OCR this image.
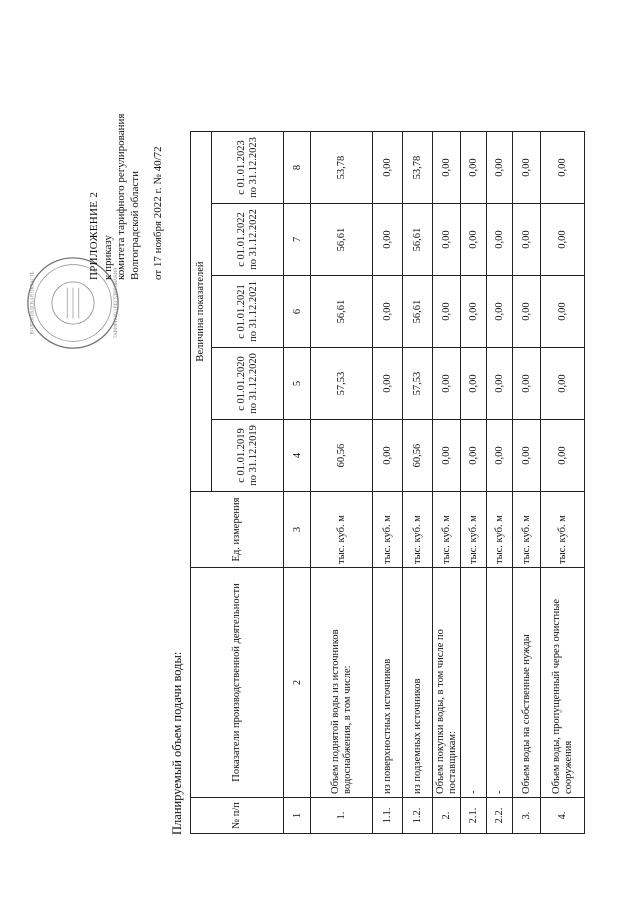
ВОЛГОГРАДСКАЯ ОБЛАСТЬ	ТАРИФНОГО РЕГУЛИРОВАНИЯ
ПРИЛОЖЕНИЕ 2 к приказу комитета тарифного регулирования Волгоградской области от 17 ноября 2022 г. № 40/72
Планируемый объем подачи воды:	№ п/п	Показатели производственной деятельности	Ед. измерения	Величина показателей				
			с 01.01.2019 по 31.12.2019	с 01.01.2020 по 31.12.2020	с 01.01.2021 по 31.12.2021	с 01.01.2022 по 31.12.2022	с 01.01.2023 по 31.12.2023
1	2	3	4	5	6	7	8
1.	Объем поднятой воды из источников водоснабжения, в том числе:	тыс. куб. м	60,56	57,53	56,61	56,61	53,78
1.1.	из поверхностных источников	тыс. куб. м	0,00	0,00	0,00	0,00	0,00
1.2.	из подземных источников	тыс. куб. м	60,56	57,53	56,61	56,61	53,78
2.	Объем покупки воды, в том числе по поставщикам:	тыс. куб. м	0,00	0,00	0,00	0,00	0,00
2.1.	-	тыс. куб. м	0,00	0,00	0,00	0,00	0,00
2.2.	-	тыс. куб. м	0,00	0,00	0,00	0,00	0,00
3.	Объем воды на собственные нужды	тыс. куб. м	0,00	0,00	0,00	0,00	0,00
4.	Объем воды, пропущенный через очистные сооружения	тыс. куб. м	0,00	0,00	0,00	0,00	0,00
